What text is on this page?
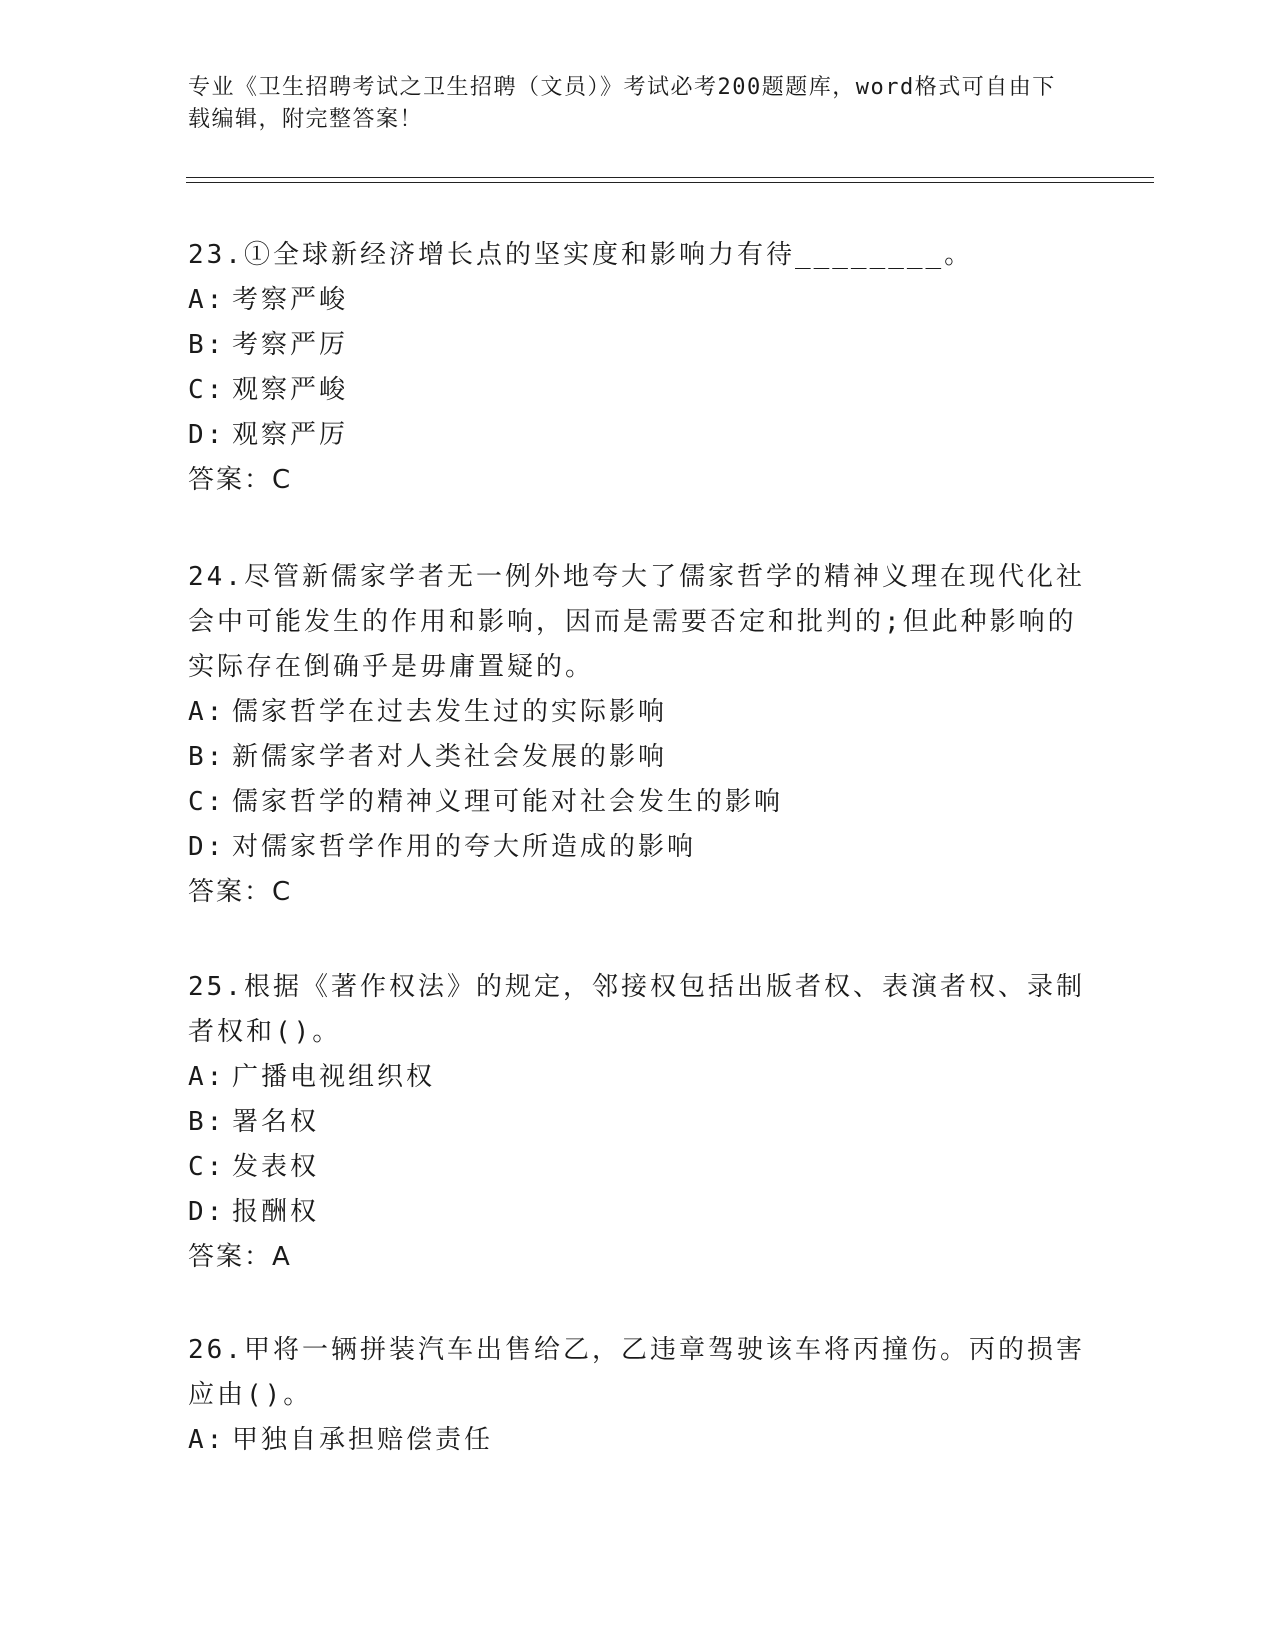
专业《卫生招聘考试之卫生招聘（文员）》考试必考200题题库，word格式可自由下载编辑，附完整答案！

23.①全球新经济增长点的坚实度和影响力有待________。

A: 考察严峻

B: 考察严厉

C: 观察严峻

D: 观察严厉

答案：C

24.尽管新儒家学者无一例外地夸大了儒家哲学的精神义理在现代化社会中可能发生的作用和影响，因而是需要否定和批判的;但此种影响的实际存在倒确乎是毋庸置疑的。

A: 儒家哲学在过去发生过的实际影响

B: 新儒家学者对人类社会发展的影响

C: 儒家哲学的精神义理可能对社会发生的影响

D: 对儒家哲学作用的夸大所造成的影响

答案：C

25.根据《著作权法》的规定，邻接权包括出版者权、表演者权、录制者权和()。

A: 广播电视组织权

B: 署名权

C: 发表权

D: 报酬权

答案：A

26.甲将一辆拼装汽车出售给乙，乙违章驾驶该车将丙撞伤。丙的损害应由()。

A: 甲独自承担赔偿责任
